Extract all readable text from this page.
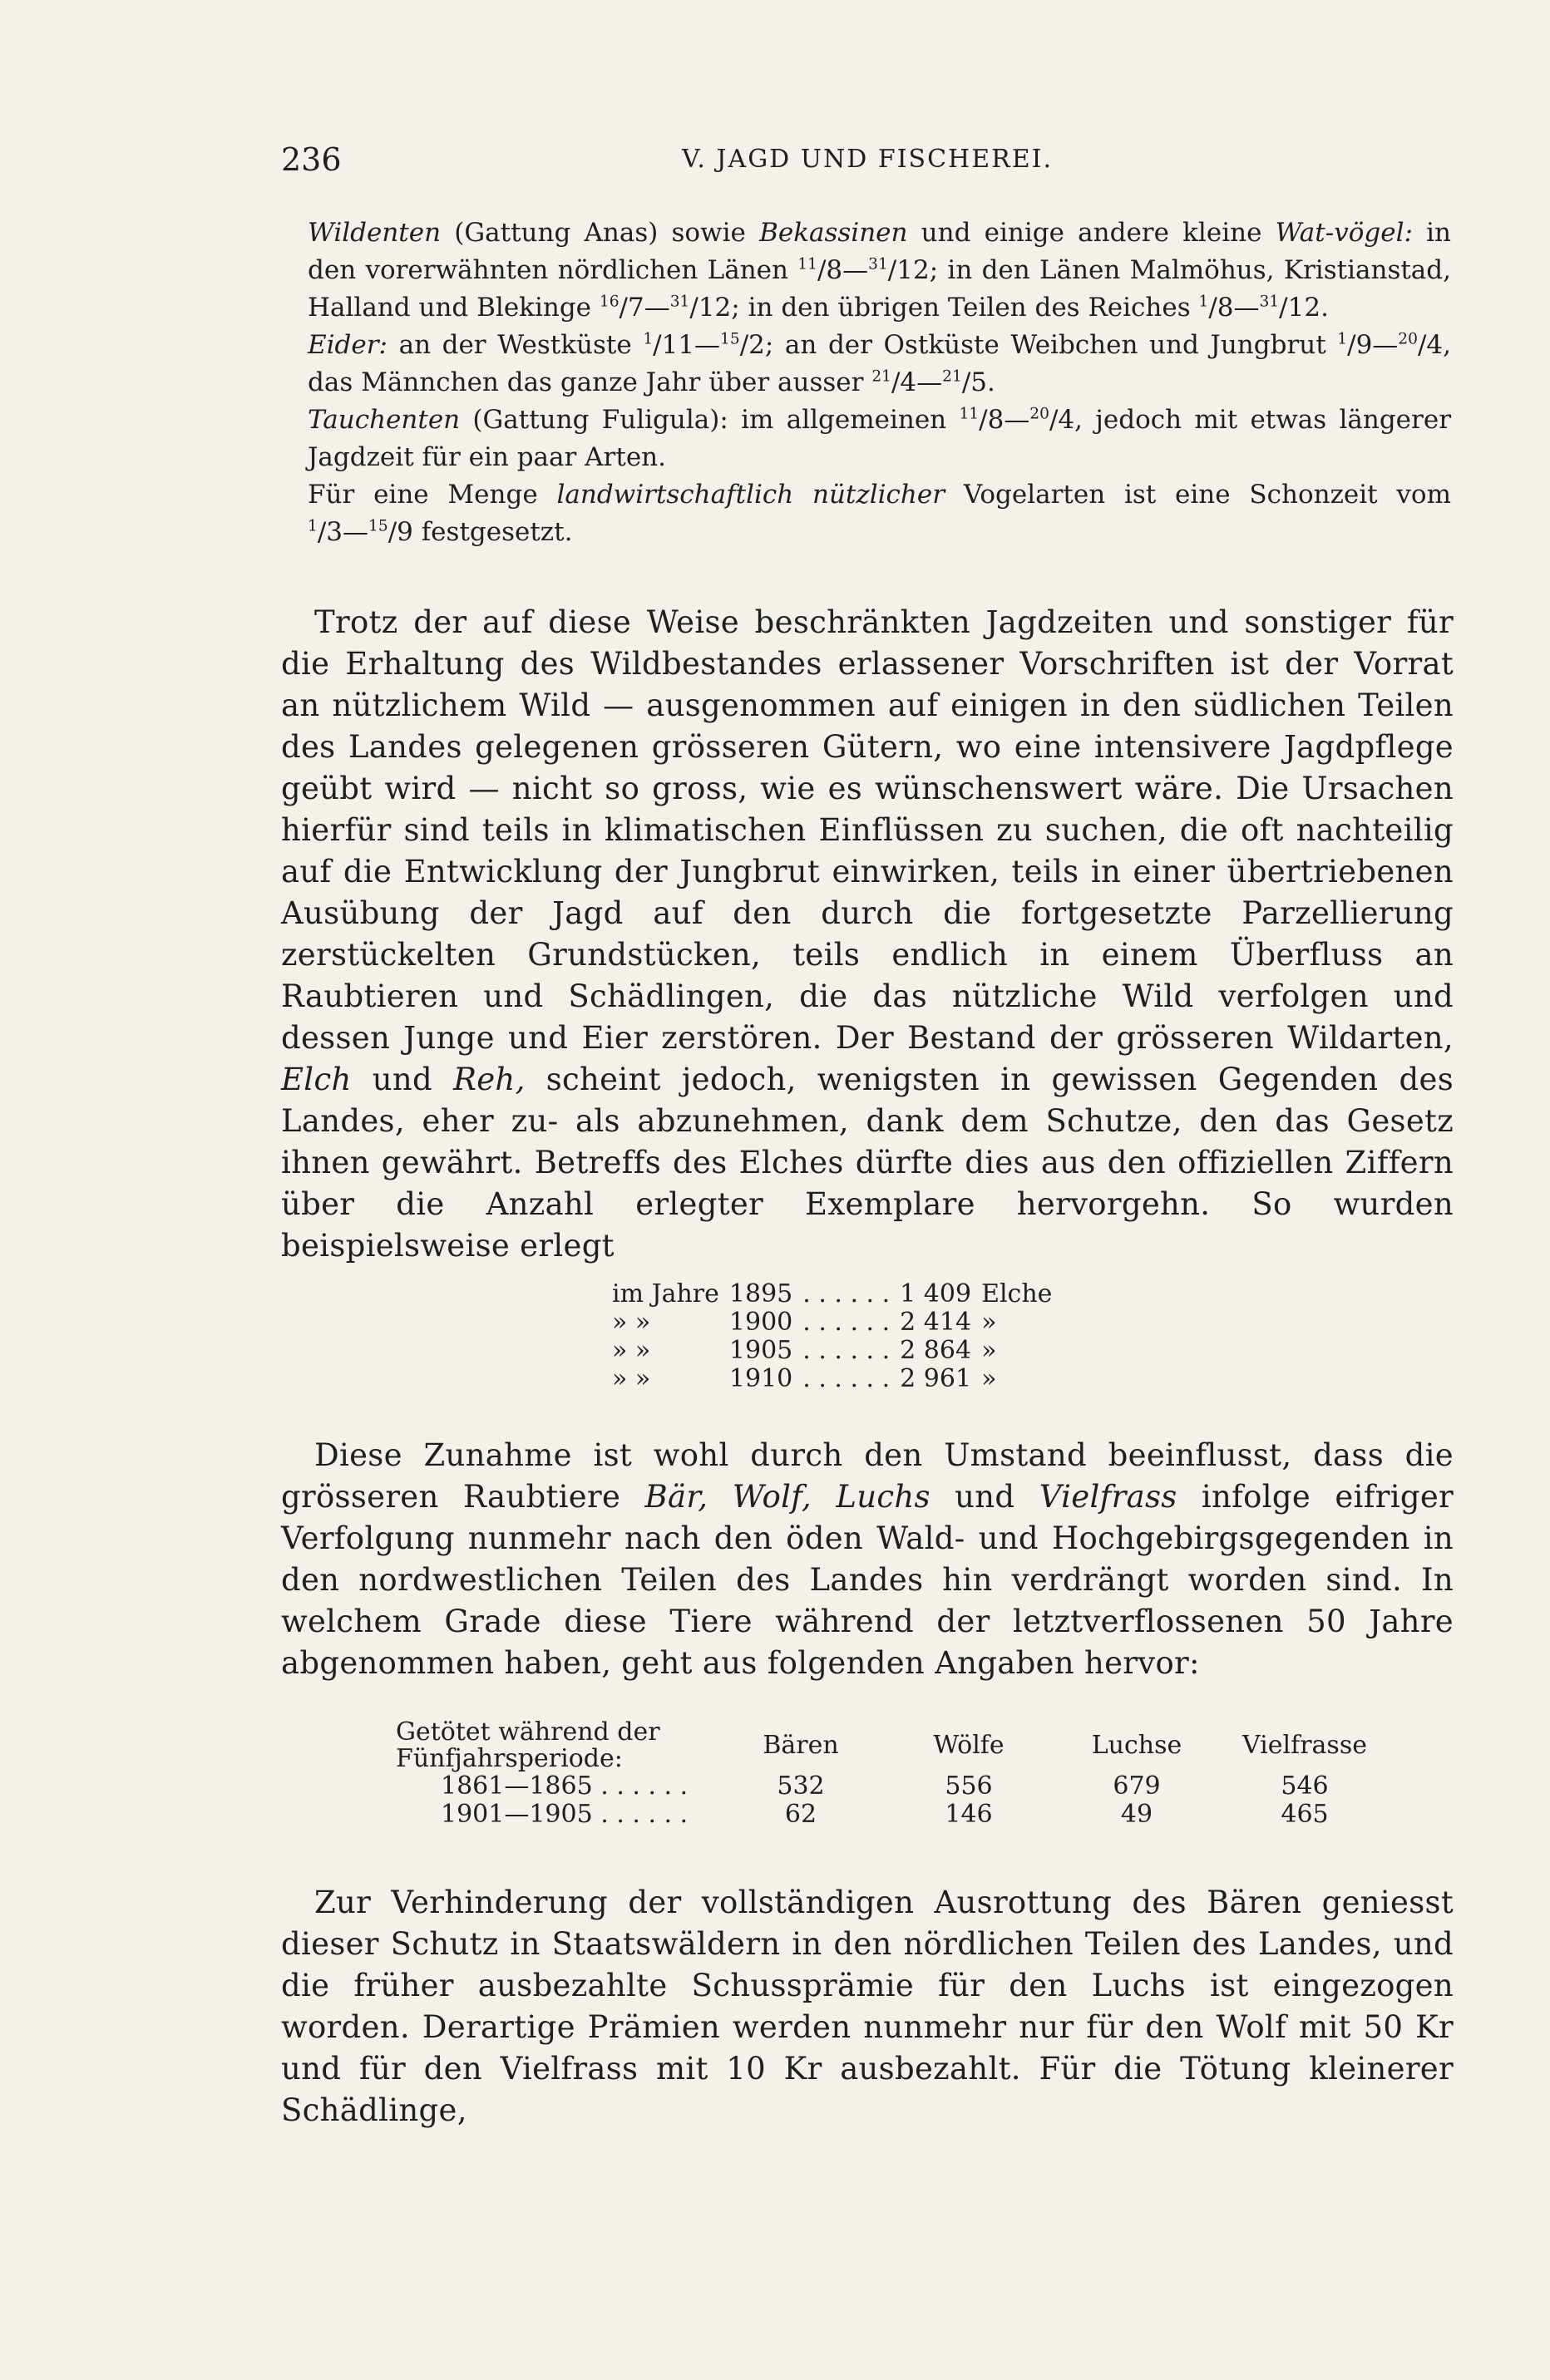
236	V. JAGD UND FISCHEREI.

Wildenten (Gattung Anas) sowie Bekassinen und einige andere kleine Wat-vögel: in den vorerwähnten nördlichen Länen $^{11}$/8—$^{31}$/12; in den Länen Malmöhus, Kristianstad, Halland und Blekinge $^{16}$/7—$^{31}$/12; in den übrigen Teilen des Reiches $^1$/8—$^{31}$/12.

Eider: an der Westküste $^1$/11—$^{15}$/2; an der Ostküste Weibchen und Jungbrut $^1$/9—$^{20}$/4, das Männchen das ganze Jahr über ausser $^{21}$/4—$^{21}$/5.

Tauchenten (Gattung Fuligula): im allgemeinen $^{11}$/8—$^{20}$/4, jedoch mit etwas längerer Jagdzeit für ein paar Arten.

Für eine Menge landwirtschaftlich nützlicher Vogelarten ist eine Schonzeit vom $^1$/3—$^{15}$/9 festgesetzt.

Trotz der auf diese Weise beschränkten Jagdzeiten und sonstiger für die Erhaltung des Wildbestandes erlassener Vorschriften ist der Vorrat an nützlichem Wild — ausgenommen auf einigen in den südlichen Teilen des Landes gelegenen grösseren Gütern, wo eine intensivere Jagdpflege geübt wird — nicht so gross, wie es wünschenswert wäre. Die Ursachen hierfür sind teils in klimatischen Einflüssen zu suchen, die oft nachteilig auf die Entwicklung der Jungbrut einwirken, teils in einer übertriebenen Ausübung der Jagd auf den durch die fortgesetzte Parzellierung zerstückelten Grundstücken, teils endlich in einem Überfluss an Raubtieren und Schädlingen, die das nützliche Wild verfolgen und dessen Junge und Eier zerstören. Der Bestand der grösseren Wildarten, Elch und Reh, scheint jedoch, wenigsten in gewissen Gegenden des Landes, eher zu- als abzunehmen, dank dem Schutze, den das Gesetz ihnen gewährt. Betreffs des Elches dürfte dies aus den offiziellen Ziffern über die Anzahl erlegter Exemplare hervorgehn. So wurden beispielsweise erlegt

im Jahre	1895	. . . . . .	1 409	Elche
» »	1900	. . . . . .	2 414	»
» »	1905	. . . . . .	2 864	»
» »	1910	. . . . . .	2 961	»

Diese Zunahme ist wohl durch den Umstand beeinflusst, dass die grösseren Raubtiere Bär, Wolf, Luchs und Vielfrass infolge eifriger Verfolgung nunmehr nach den öden Wald- und Hochgebirgsgegenden in den nordwestlichen Teilen des Landes hin verdrängt worden sind. In welchem Grade diese Tiere während der letztverflossenen 50 Jahre abgenommen haben, geht aus folgenden Angaben hervor:

Getötet während der Fünfjahrsperiode:	Bären	Wölfe	Luchse	Vielfrasse
1861—1865 . . . . . .	532	556	679	546
1901—1905 . . . . . .	62	146	49	465

Zur Verhinderung der vollständigen Ausrottung des Bären geniesst dieser Schutz in Staatswäldern in den nördlichen Teilen des Landes, und die früher ausbezahlte Schussprämie für den Luchs ist eingezogen worden. Derartige Prämien werden nunmehr nur für den Wolf mit 50 Kr und für den Vielfrass mit 10 Kr ausbezahlt. Für die Tötung kleinerer Schädlinge,
